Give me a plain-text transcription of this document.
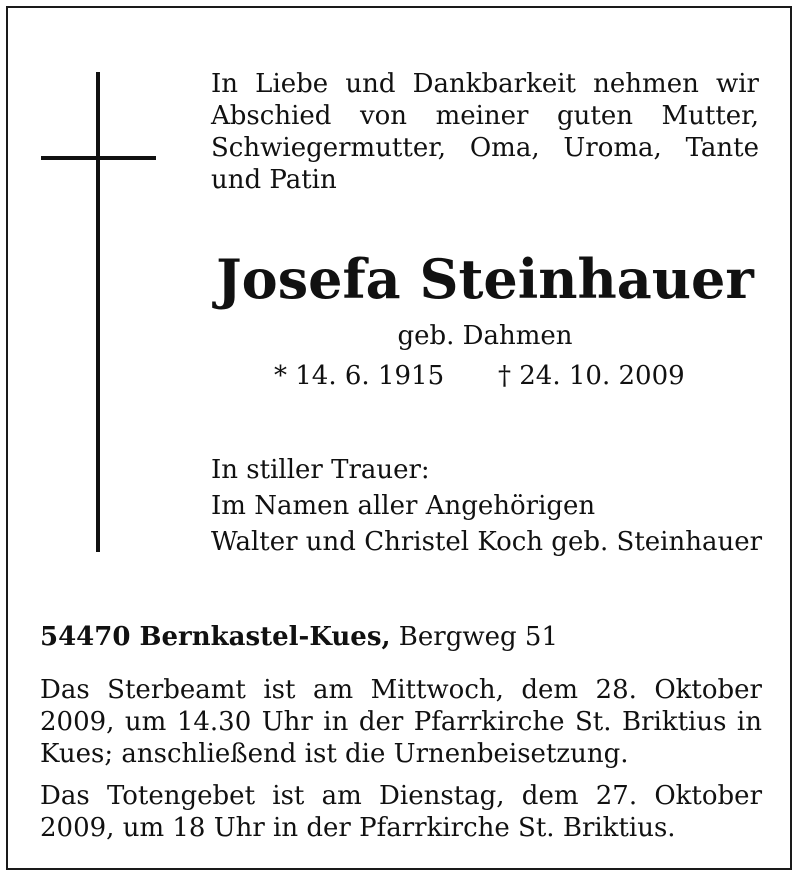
In Liebe und Dankbarkeit nehmen wir Abschied von meiner guten Mutter, Schwiegermutter, Oma, Uroma, Tante und Patin

Josefa Steinhauer

geb. Dahmen

* 14. 6. 1915 † 24. 10. 2009

In stiller Trauer:
Im Namen aller Angehörigen
Walter und Christel Koch geb. Steinhauer

54470 Bernkastel-Kues, Bergweg 51

Das Sterbeamt ist am Mittwoch, dem 28. Oktober 2009, um 14.30 Uhr in der Pfarrkirche St. Briktius in Kues; anschließend ist die Urnenbeisetzung.

Das Totengebet ist am Dienstag, dem 27. Oktober 2009, um 18 Uhr in der Pfarrkirche St. Briktius.
